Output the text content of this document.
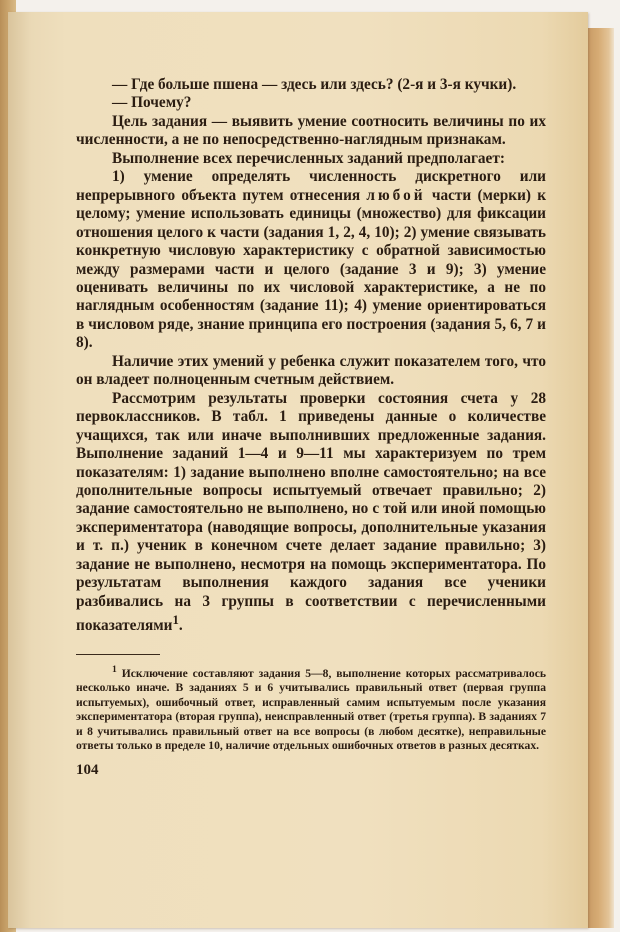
— Где больше пшена — здесь или здесь? (2-я и 3-я кучки).

— Почему?

Цель задания — выявить умение соотносить величины по их численности, а не по непосредственно-наглядным признакам.

Выполнение всех перечисленных заданий предполагает:

1) умение определять численность дискретного или непрерывного объекта путем отнесения любой части (мерки) к целому; умение использовать единицы (множество) для фиксации отношения целого к части (задания 1, 2, 4, 10); 2) умение связывать конкретную числовую характеристику с обратной зависимостью между размерами части и целого (задание 3 и 9); 3) умение оценивать величины по их числовой характеристике, а не по наглядным особенностям (задание 11); 4) умение ориентироваться в числовом ряде, знание принципа его построения (задания 5, 6, 7 и 8).

Наличие этих умений у ребенка служит показателем того, что он владеет полноценным счетным действием.

Рассмотрим результаты проверки состояния счета у 28 первоклассников. В табл. 1 приведены данные о количестве учащихся, так или иначе выполнивших предложенные задания. Выполнение заданий 1—4 и 9—11 мы характеризуем по трем показателям: 1) задание выполнено вполне самостоятельно; на все дополнительные вопросы испытуемый отвечает правильно; 2) задание самостоятельно не выполнено, но с той или иной помощью экспериментатора (наводящие вопросы, дополнительные указания и т. п.) ученик в конечном счете делает задание правильно; 3) задание не выполнено, несмотря на помощь экспериментатора. По результатам выполнения каждого задания все ученики разбивались на 3 группы в соответствии с перечисленными показателями$^1$.

$^1$ Исключение составляют задания 5—8, выполнение которых рассматривалось несколько иначе. В заданиях 5 и 6 учитывались правильный ответ (первая группа испытуемых), ошибочный ответ, исправленный самим испытуемым после указания экспериментатора (вторая группа), неисправленный ответ (третья группа). В заданиях 7 и 8 учитывались правильный ответ на все вопросы (в любом десятке), неправильные ответы только в пределе 10, наличие отдельных ошибочных ответов в разных десятках.

104
